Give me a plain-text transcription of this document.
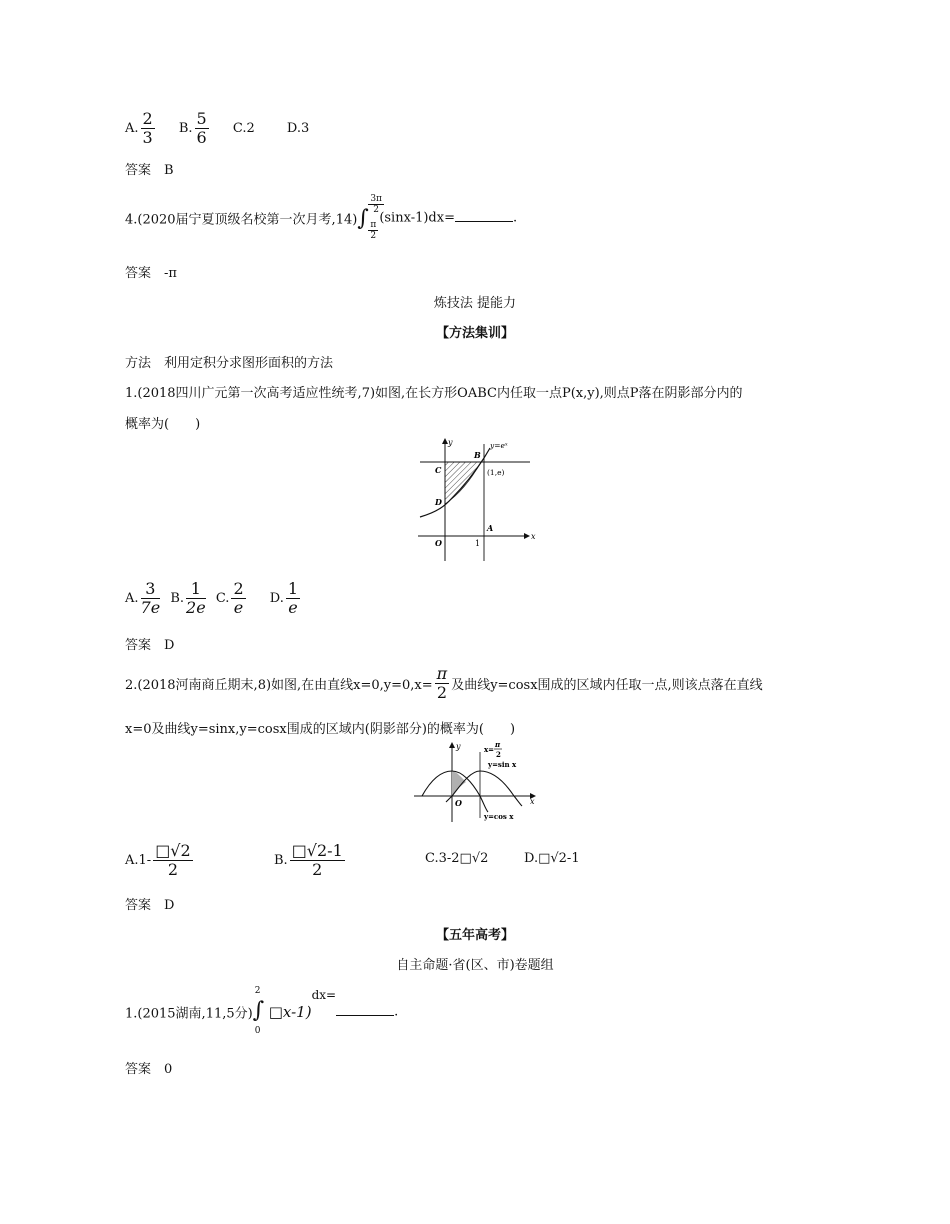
A. $\frac{2}{3} B$. $\frac{5}{6} C.2$ D.3
答案　B
4.(2020届宁夏顶级名校第一次月考,14) ∫
$\frac{3\pi}{2}$
$\frac{\pi}{2}$
(sinx-1)dx=	.
答案　-π
炼技法 提能力
【方法集训】
方法　利用定积分求图形面积的方法
1.(2018四川广元第一次高考适应性统考,7)如图,在长方形OABC内任取一点P(x,y),则点P落在阴影部分内的
概率为(　　)
y
x
y=eˣ
B
C
D
A
O	1
(1,e)
A. $\frac{3}{7e} B$. $\frac{1}{2e} C$. $\frac{2}{e} D$. $\frac{1}{e}$
答案　D
2.(2018河南商丘期末,8)如图,在由直线$x=0,y=0,x= \frac{\pi}{2}$ 及曲线y=cosx围成的区域内任取一点,则该点落在直线
x=0及曲线y=sinx,y=cosx围成的区域内(阴影部分)的概率为(　　)
y
x
O
x=
π
2
y=sin x
y=cos x
$A.1- \frac{□√2}{2}$	B. $\frac{□√2-1}{2}$	C.3-2□√2	D.□√2-1
答案　D
【五年高考】
自主命题·省(区、市)卷题组
1.(2015湖南,11,5分)
2
∫
0
□x-1)dx=.
答案　0
